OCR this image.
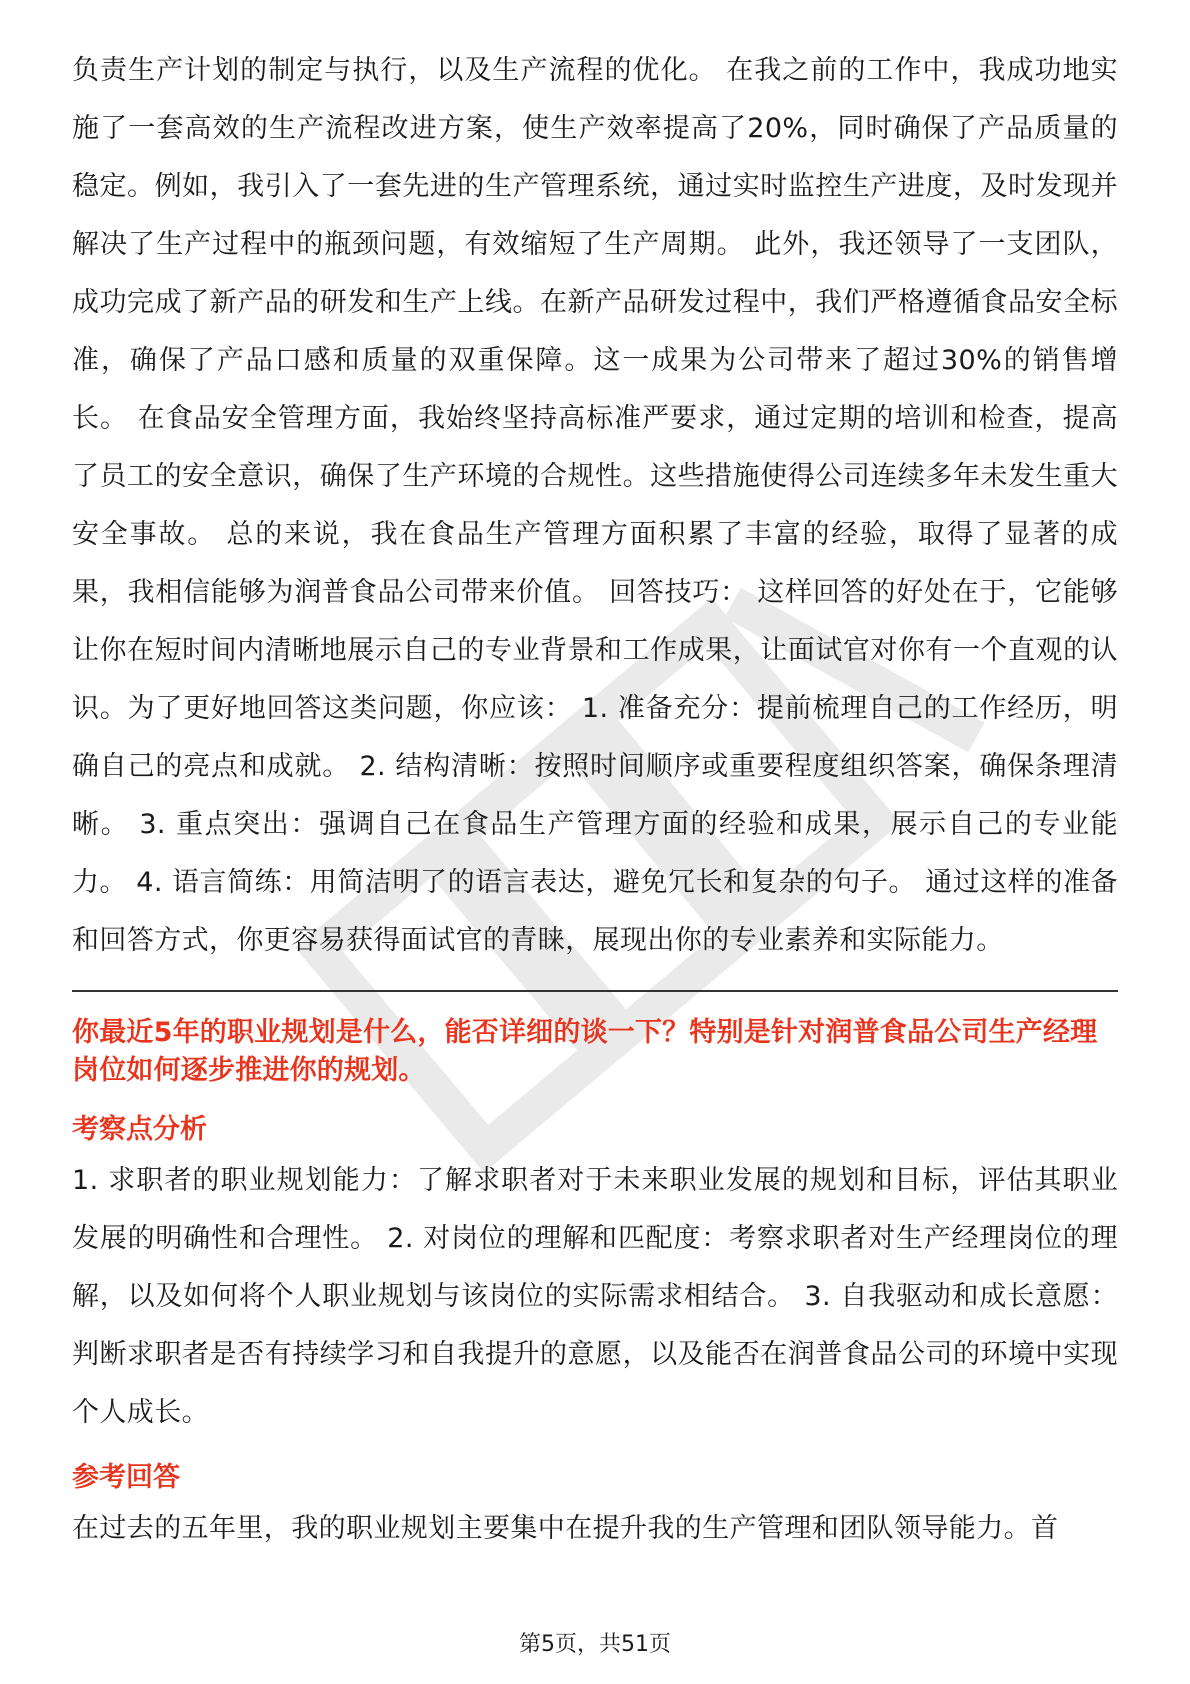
负责生产计划的制定与执行，以及生产流程的优化。 在我之前的工作中，我成功地实施了一套高效的生产流程改进方案，使生产效率提高了20%，同时确保了产品质量的稳定。例如，我引入了一套先进的生产管理系统，通过实时监控生产进度，及时发现并解决了生产过程中的瓶颈问题，有效缩短了生产周期。 此外，我还领导了一支团队，成功完成了新产品的研发和生产上线。在新产品研发过程中，我们严格遵循食品安全标准，确保了产品口感和质量的双重保障。这一成果为公司带来了超过30%的销售增长。 在食品安全管理方面，我始终坚持高标准严要求，通过定期的培训和检查，提高了员工的安全意识，确保了生产环境的合规性。这些措施使得公司连续多年未发生重大安全事故。 总的来说，我在食品生产管理方面积累了丰富的经验，取得了显著的成果，我相信能够为润普食品公司带来价值。 回答技巧： 这样回答的好处在于，它能够让你在短时间内清晰地展示自己的专业背景和工作成果，让面试官对你有一个直观的认识。为了更好地回答这类问题，你应该： 1. 准备充分：提前梳理自己的工作经历，明确自己的亮点和成就。 2. 结构清晰：按照时间顺序或重要程度组织答案，确保条理清晰。 3. 重点突出：强调自己在食品生产管理方面的经验和成果，展示自己的专业能力。 4. 语言简练：用简洁明了的语言表达，避免冗长和复杂的句子。 通过这样的准备和回答方式，你更容易获得面试官的青睐，展现出你的专业素养和实际能力。

你最近5年的职业规划是什么，能否详细的谈一下？特别是针对润普食品公司生产经理岗位如何逐步推进你的规划。

考察点分析

1. 求职者的职业规划能力：了解求职者对于未来职业发展的规划和目标，评估其职业发展的明确性和合理性。 2. 对岗位的理解和匹配度：考察求职者对生产经理岗位的理解，以及如何将个人职业规划与该岗位的实际需求相结合。 3. 自我驱动和成长意愿：判断求职者是否有持续学习和自我提升的意愿，以及能否在润普食品公司的环境中实现个人成长。

参考回答

在过去的五年里，我的职业规划主要集中在提升我的生产管理和团队领导能力。首

第5页，共51页
